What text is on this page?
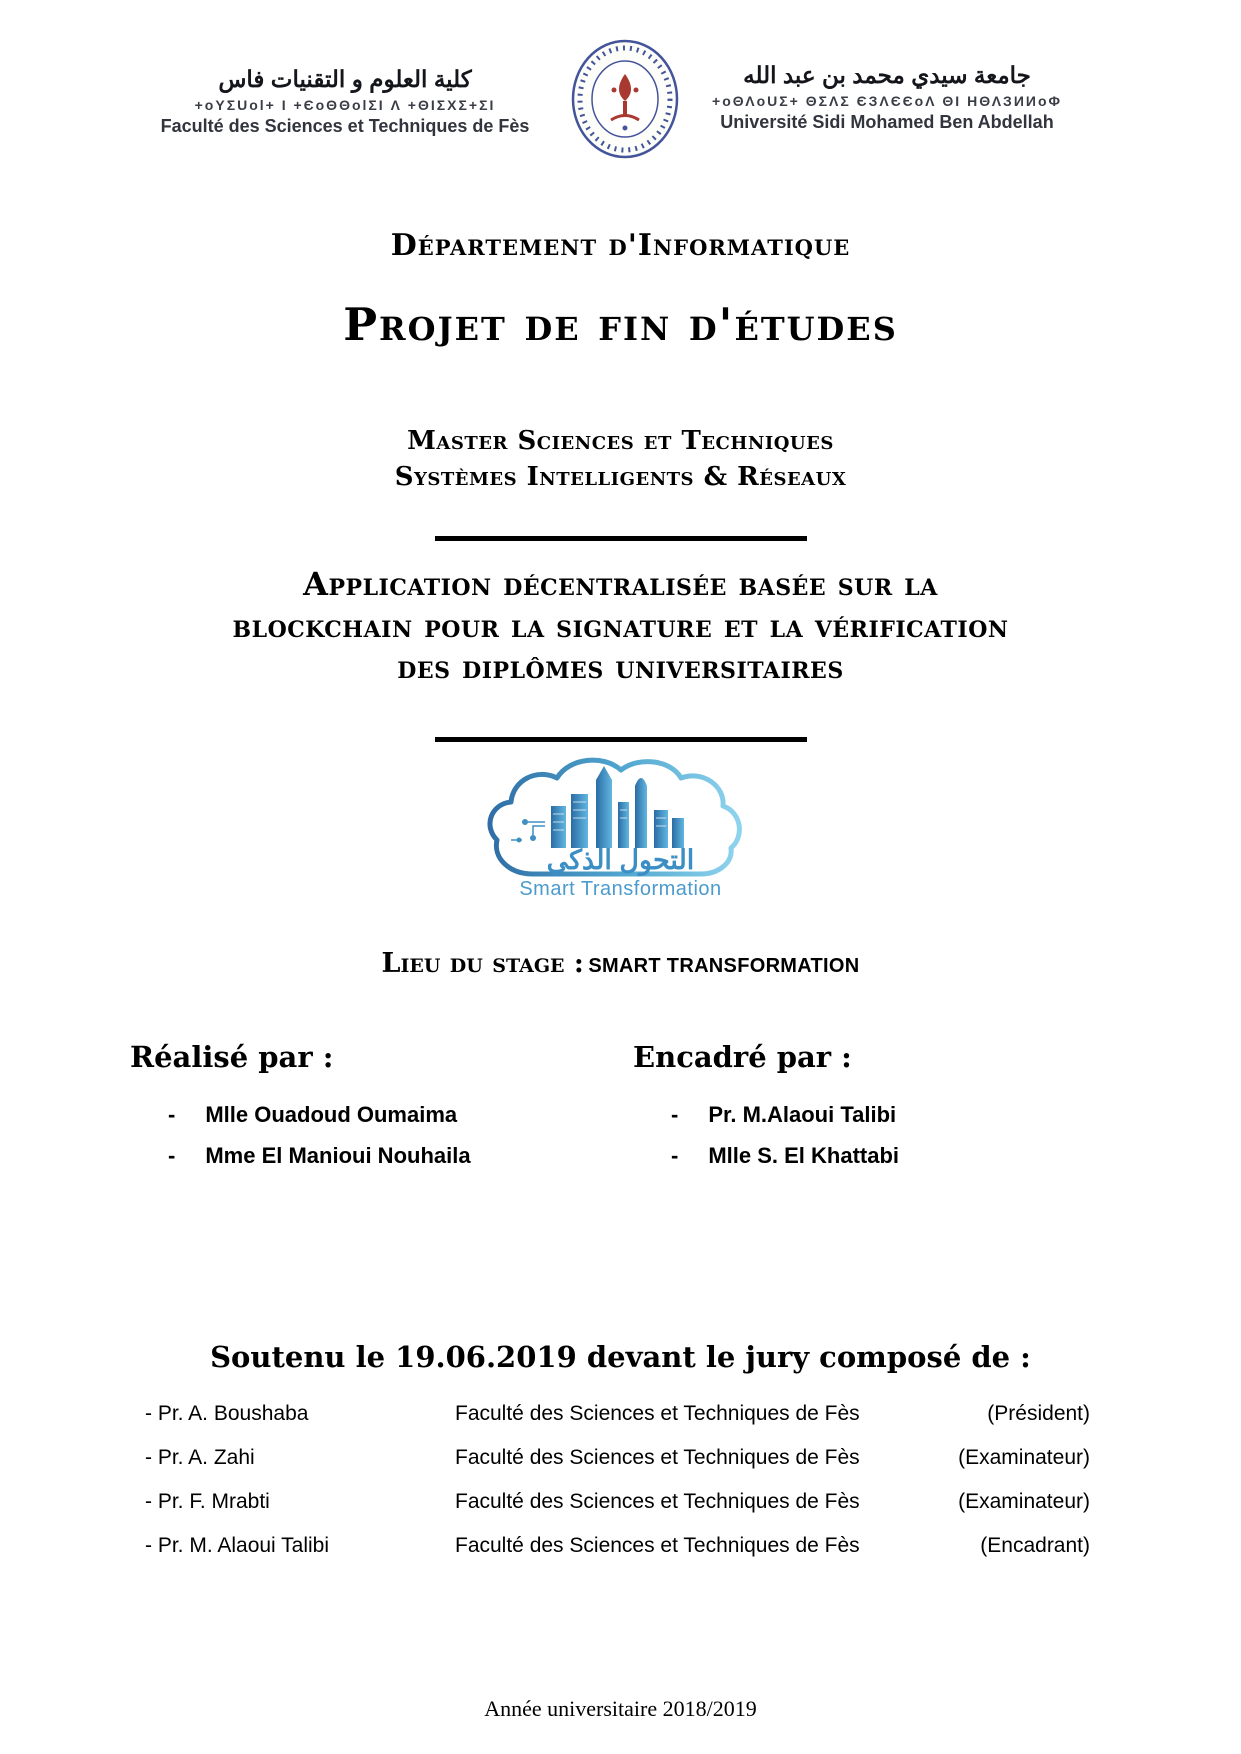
كلية العلوم و التقنيات فاس
+oYΣUol+ I +ЄoΘΘolΣI Λ +ΘIΣXΣ+ΣI
Faculté des Sciences et Techniques de Fès
جامعة سيدي محمد بن عبد الله
+oΘΛoUΣ+ ΘΣΛΣ ЄЗΛЄЄoΛ ΘI ΗΘΛЗИИoΦ
Université Sidi Mohamed Ben Abdellah
Département d'Informatique
Projet de fin d'études
Master Sciences et Techniques
Systèmes Intelligents & Réseaux
Application décentralisée basée sur la
blockchain pour la signature et la vérification
des diplômes universitaires
التحول الذكي
Smart Transformation
Lieu du stage : SMART TRANSFORMATION
Réalisé par :
- Mlle Ouadoud Oumaima
- Mme El Manioui Nouhaila
Encadré par :
- Pr. M.Alaoui Talibi
- Mlle S. El Khattabi
Soutenu le 19.06.2019 devant le jury composé de :
- Pr. A. Boushaba	Faculté des Sciences et Techniques de Fès	(Président)
- Pr. A. Zahi	Faculté des Sciences et Techniques de Fès	(Examinateur)
- Pr. F. Mrabti	Faculté des Sciences et Techniques de Fès	(Examinateur)
- Pr. M. Alaoui Talibi	Faculté des Sciences et Techniques de Fès	(Encadrant)
Année universitaire 2018/2019
